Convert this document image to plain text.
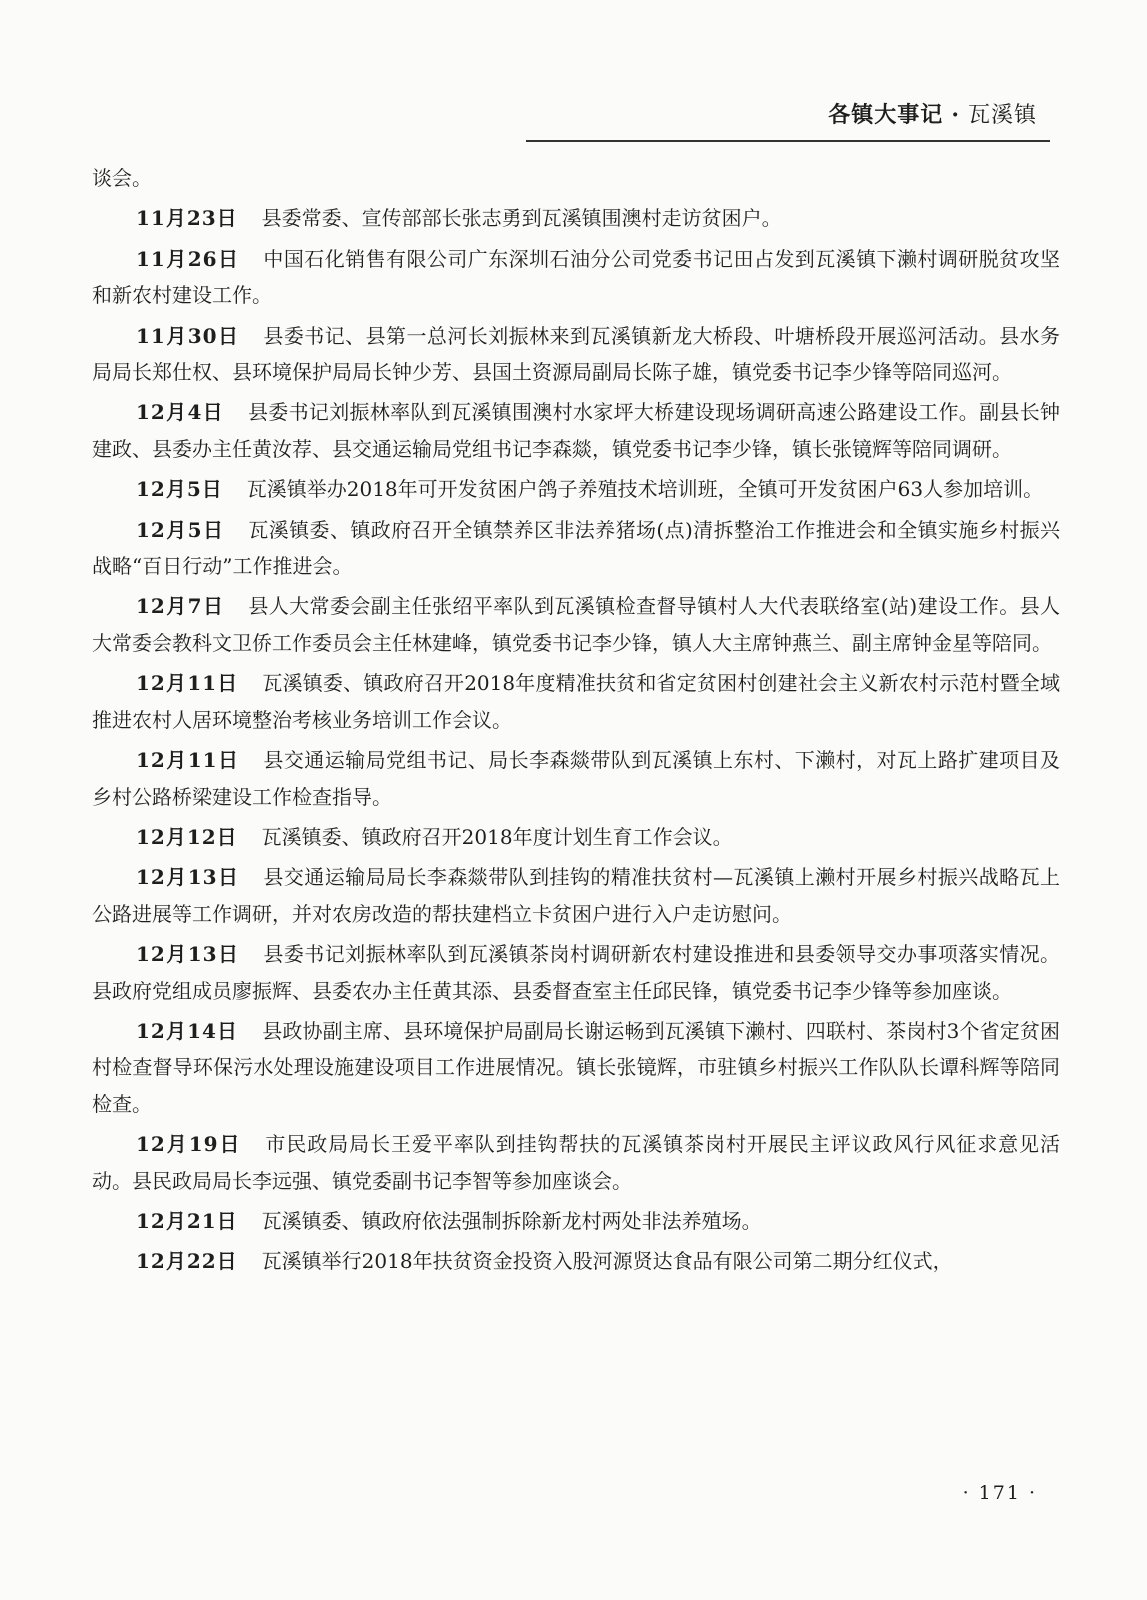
各镇大事记 · 瓦溪镇

谈会。

11月23日 县委常委、宣传部部长张志勇到瓦溪镇围澳村走访贫困户。

11月26日 中国石化销售有限公司广东深圳石油分公司党委书记田占发到瓦溪镇下濑村调研脱贫攻坚和新农村建设工作。

11月30日 县委书记、县第一总河长刘振林来到瓦溪镇新龙大桥段、叶塘桥段开展巡河活动。县水务局局长郑仕权、县环境保护局局长钟少芳、县国土资源局副局长陈子雄，镇党委书记李少锋等陪同巡河。

12月4日 县委书记刘振林率队到瓦溪镇围澳村水家坪大桥建设现场调研高速公路建设工作。副县长钟建政、县委办主任黄汝荐、县交通运输局党组书记李森燚，镇党委书记李少锋，镇长张镜辉等陪同调研。

12月5日 瓦溪镇举办2018年可开发贫困户鸽子养殖技术培训班，全镇可开发贫困户63人参加培训。

12月5日 瓦溪镇委、镇政府召开全镇禁养区非法养猪场(点)清拆整治工作推进会和全镇实施乡村振兴战略“百日行动”工作推进会。

12月7日 县人大常委会副主任张绍平率队到瓦溪镇检查督导镇村人大代表联络室(站)建设工作。县人大常委会教科文卫侨工作委员会主任林建峰，镇党委书记李少锋，镇人大主席钟燕兰、副主席钟金星等陪同。

12月11日 瓦溪镇委、镇政府召开2018年度精准扶贫和省定贫困村创建社会主义新农村示范村暨全域推进农村人居环境整治考核业务培训工作会议。

12月11日 县交通运输局党组书记、局长李森燚带队到瓦溪镇上东村、下濑村，对瓦上路扩建项目及乡村公路桥梁建设工作检查指导。

12月12日 瓦溪镇委、镇政府召开2018年度计划生育工作会议。

12月13日 县交通运输局局长李森燚带队到挂钩的精准扶贫村—瓦溪镇上濑村开展乡村振兴战略瓦上公路进展等工作调研，并对农房改造的帮扶建档立卡贫困户进行入户走访慰问。

12月13日 县委书记刘振林率队到瓦溪镇茶岗村调研新农村建设推进和县委领导交办事项落实情况。县政府党组成员廖振辉、县委农办主任黄其添、县委督查室主任邱民锋，镇党委书记李少锋等参加座谈。

12月14日 县政协副主席、县环境保护局副局长谢运畅到瓦溪镇下濑村、四联村、茶岗村3个省定贫困村检查督导环保污水处理设施建设项目工作进展情况。镇长张镜辉，市驻镇乡村振兴工作队队长谭科辉等陪同检查。

12月19日 市民政局局长王爱平率队到挂钩帮扶的瓦溪镇茶岗村开展民主评议政风行风征求意见活动。县民政局局长李远强、镇党委副书记李智等参加座谈会。

12月21日 瓦溪镇委、镇政府依法强制拆除新龙村两处非法养殖场。

12月22日 瓦溪镇举行2018年扶贫资金投资入股河源贤达食品有限公司第二期分红仪式，

· 171 ·
